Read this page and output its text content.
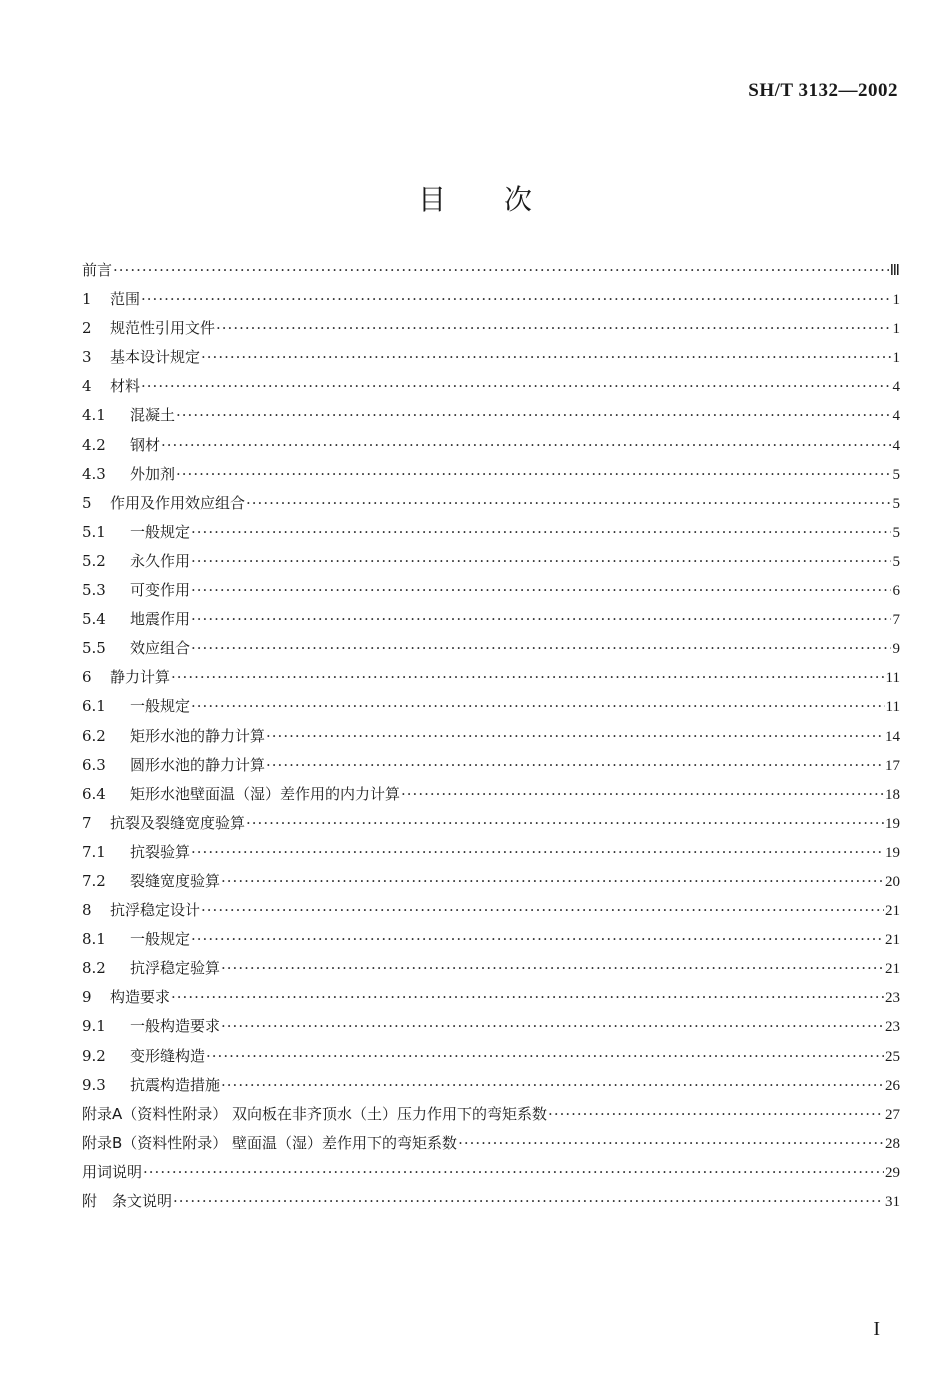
SH/T 3132—2002
目次
前言 ·····	Ⅲ
1	范围 ·····	1
2	规范性引用文件 ·····	1
3	基本设计规定 ·····	1
4	材料 ·····	4
4.1	混凝土 ·····	4
4.2	钢材 ·····	4
4.3	外加剂 ·····	5
5	作用及作用效应组合 ·····	5
5.1	一般规定 ·····	5
5.2	永久作用 ·····	5
5.3	可变作用 ·····	6
5.4	地震作用 ·····	7
5.5	效应组合 ·····	9
6	静力计算 ·····	11
6.1	一般规定 ·····	11
6.2	矩形水池的静力计算 ·····	14
6.3	圆形水池的静力计算 ·····	17
6.4	矩形水池壁面温（湿）差作用的内力计算 ·····	18
7	抗裂及裂缝宽度验算 ·····	19
7.1	抗裂验算 ·····	19
7.2	裂缝宽度验算 ·····	20
8	抗浮稳定设计 ·····	21
8.1	一般规定 ·····	21
8.2	抗浮稳定验算 ·····	21
9	构造要求 ·····	23
9.1	一般构造要求 ·····	23
9.2	变形缝构造 ·····	25
9.3	抗震构造措施 ·····	26
附录A（资料性附录） 双向板在非齐顶水（土）压力作用下的弯矩系数 ·····	27
附录B（资料性附录） 壁面温（湿）差作用下的弯矩系数 ·····	28
用词说明 ·····	29
附　条文说明 ·····	31
I
